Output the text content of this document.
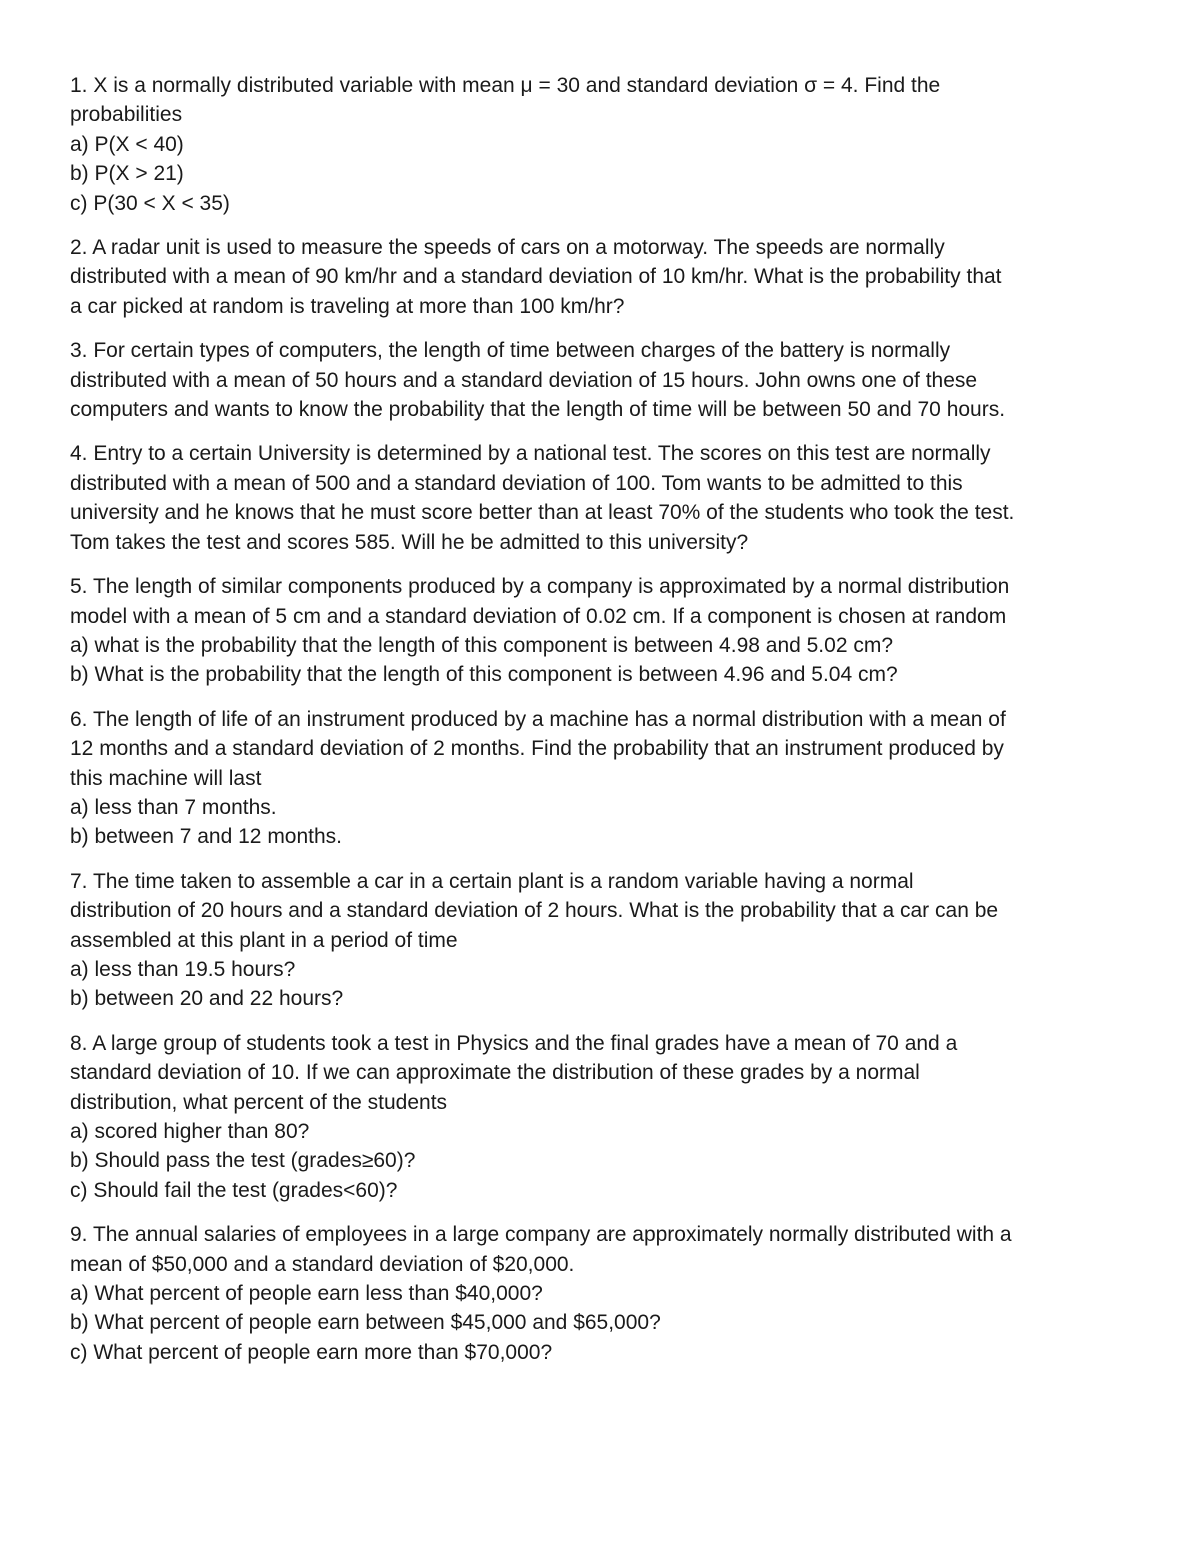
1. X is a normally distributed variable with mean μ = 30 and standard deviation σ = 4. Find the
probabilities
a) P(X < 40)
b) P(X > 21)
c) P(30 < X < 35)
2. A radar unit is used to measure the speeds of cars on a motorway. The speeds are normally
distributed with a mean of 90 km/hr and a standard deviation of 10 km/hr. What is the probability that
a car picked at random is traveling at more than 100 km/hr?
3. For certain types of computers, the length of time between charges of the battery is normally
distributed with a mean of 50 hours and a standard deviation of 15 hours. John owns one of these
computers and wants to know the probability that the length of time will be between 50 and 70 hours.
4. Entry to a certain University is determined by a national test. The scores on this test are normally
distributed with a mean of 500 and a standard deviation of 100. Tom wants to be admitted to this
university and he knows that he must score better than at least 70% of the students who took the test.
Tom takes the test and scores 585. Will he be admitted to this university?
5. The length of similar components produced by a company is approximated by a normal distribution
model with a mean of 5 cm and a standard deviation of 0.02 cm. If a component is chosen at random
a) what is the probability that the length of this component is between 4.98 and 5.02 cm?
b) What is the probability that the length of this component is between 4.96 and 5.04 cm?
6. The length of life of an instrument produced by a machine has a normal distribution with a mean of
12 months and a standard deviation of 2 months. Find the probability that an instrument produced by
this machine will last
a) less than 7 months.
b) between 7 and 12 months.
7. The time taken to assemble a car in a certain plant is a random variable having a normal
distribution of 20 hours and a standard deviation of 2 hours. What is the probability that a car can be
assembled at this plant in a period of time
a) less than 19.5 hours?
b) between 20 and 22 hours?
8. A large group of students took a test in Physics and the final grades have a mean of 70 and a
standard deviation of 10. If we can approximate the distribution of these grades by a normal
distribution, what percent of the students
a) scored higher than 80?
b) Should pass the test (grades≥60)?
c) Should fail the test (grades<60)?
9. The annual salaries of employees in a large company are approximately normally distributed with a
mean of $50,000 and a standard deviation of $20,000.
a) What percent of people earn less than $40,000?
b) What percent of people earn between $45,000 and $65,000?
c) What percent of people earn more than $70,000?
